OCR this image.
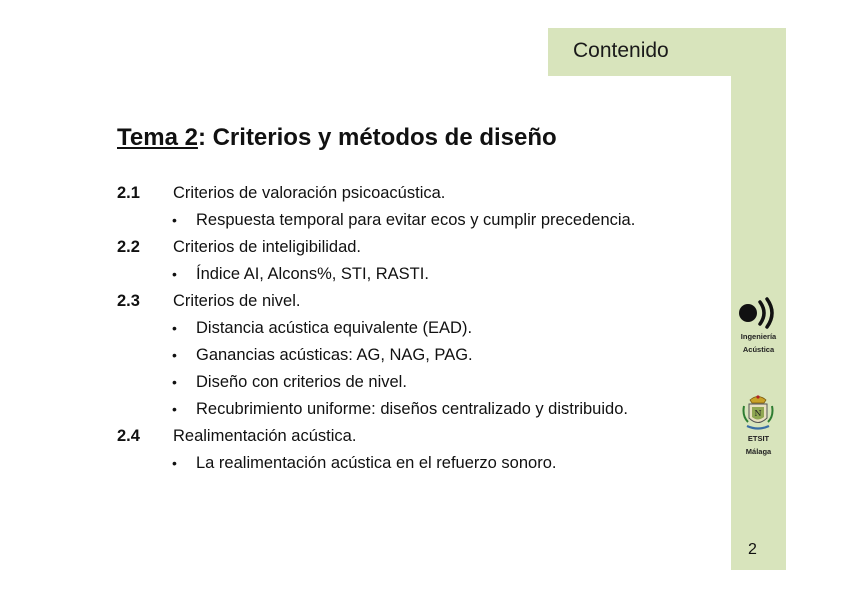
Contenido
Tema 2: Criterios y métodos de diseño
2.1 Criterios de valoración psicoacústica.
• Respuesta temporal para evitar ecos y cumplir precedencia.
2.2 Criterios de inteligibilidad.
• Índice AI, Alcons%, STI, RASTI.
2.3 Criterios de nivel.
• Distancia acústica equivalente (EAD).
• Ganancias acústicas: AG, NAG, PAG.
• Diseño con criterios de nivel.
• Recubrimiento uniforme: diseños centralizado y distribuido.
2.4 Realimentación acústica.
• La realimentación acústica en el refuerzo sonoro.
Ingeniería
Acústica
N
ETSIT
Málaga
2
